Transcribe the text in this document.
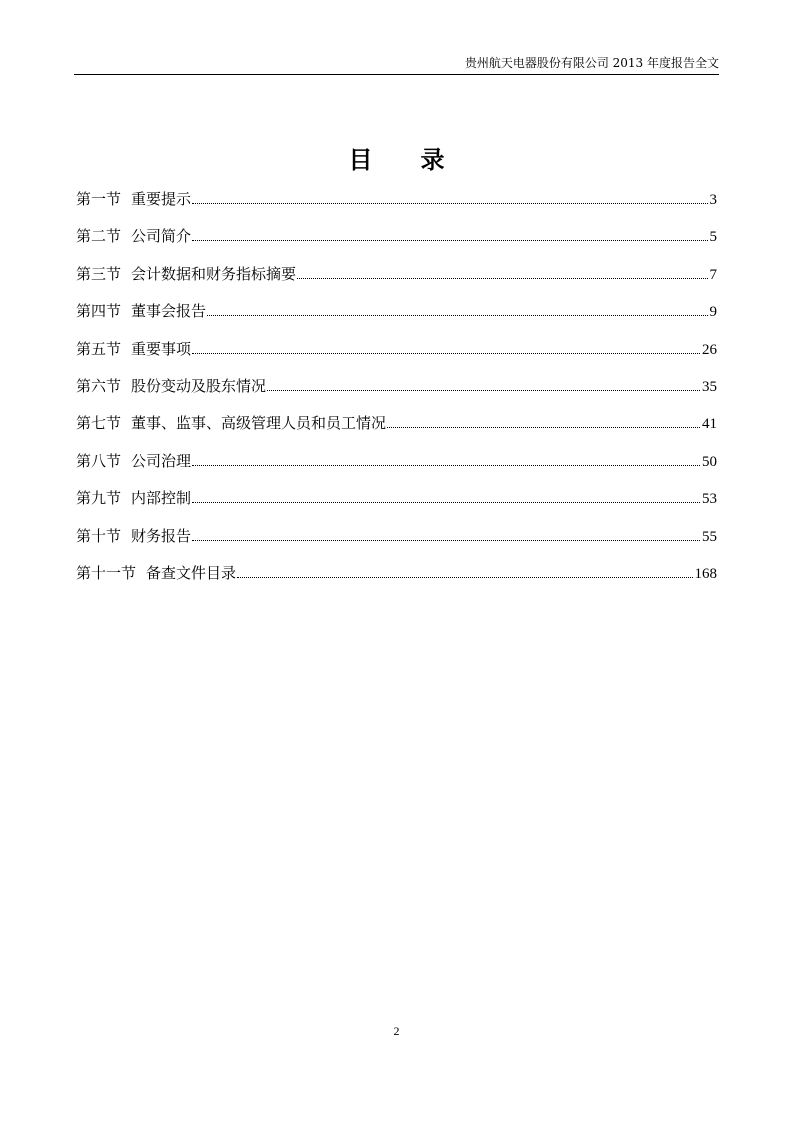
贵州航天电器股份有限公司 2013 年度报告全文
目 录
第一节 重要提示	3
第二节 公司简介	5
第三节 会计数据和财务指标摘要	7
第四节 董事会报告	9
第五节 重要事项	26
第六节 股份变动及股东情况	35
第七节 董事、监事、高级管理人员和员工情况	41
第八节 公司治理	50
第九节 内部控制	53
第十节 财务报告	55
第十一节 备查文件目录	168
2
